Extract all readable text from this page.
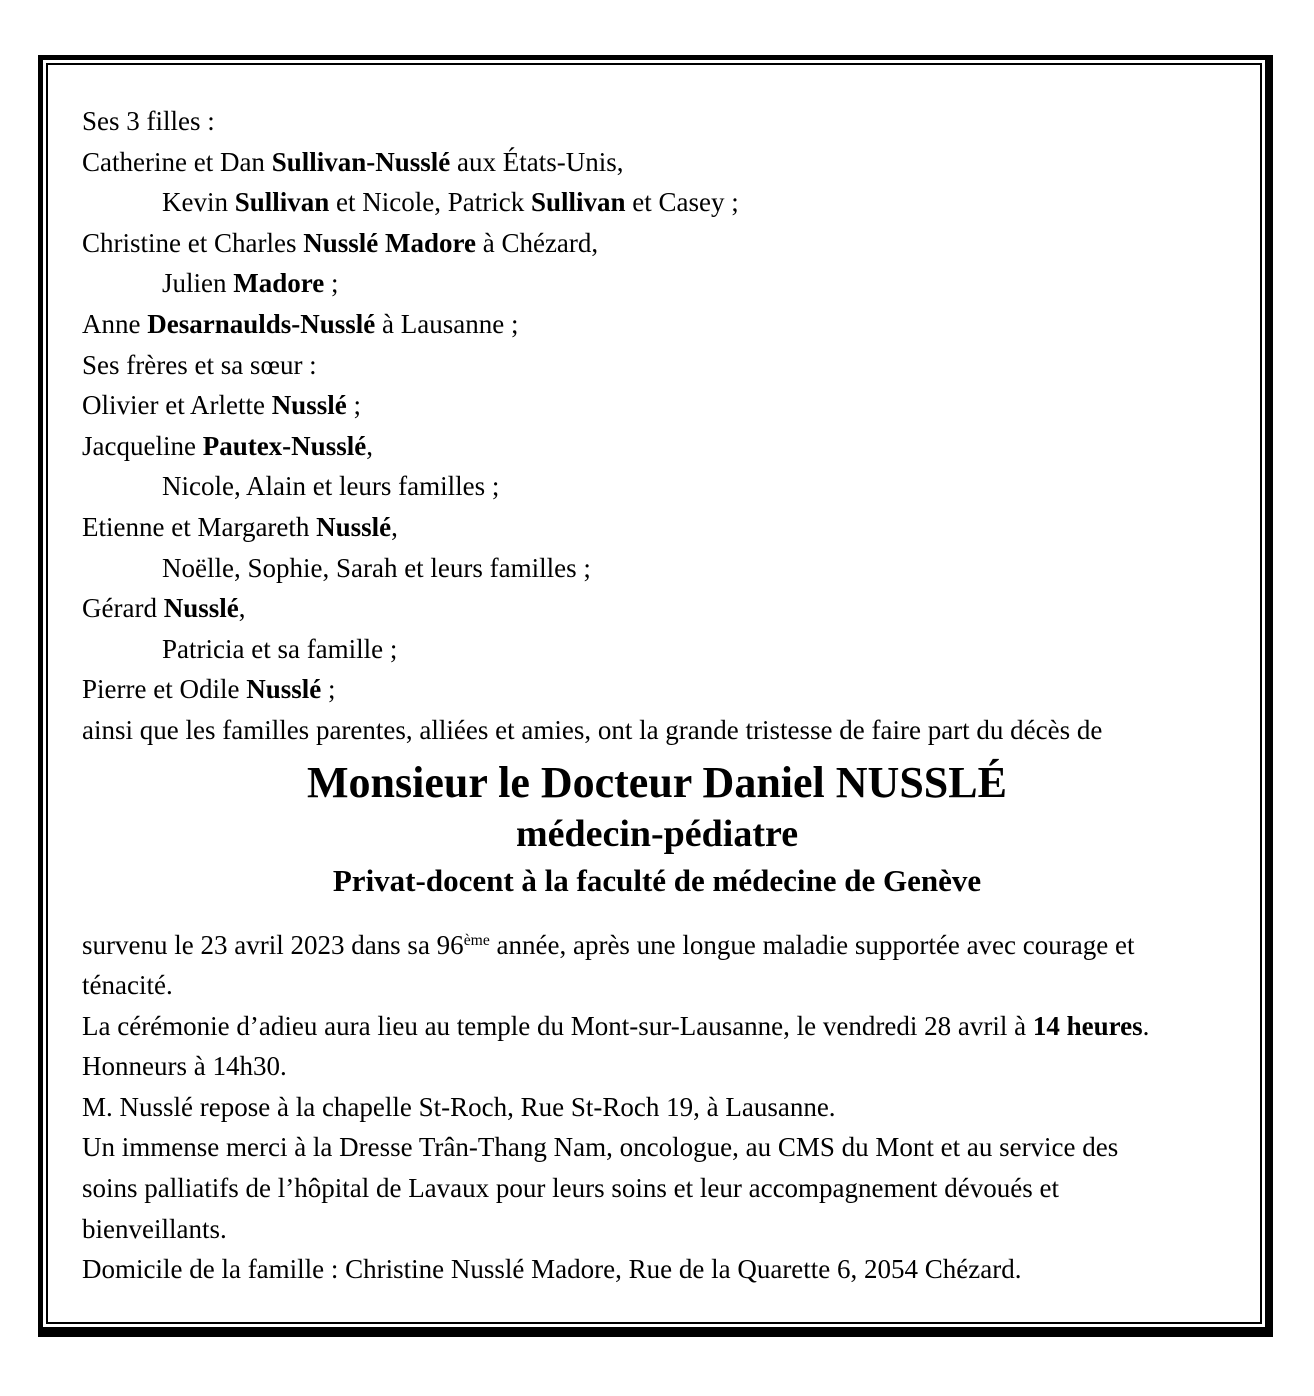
Ses 3 filles :
Catherine et Dan Sullivan-Nusslé aux États-Unis,
Kevin Sullivan et Nicole, Patrick Sullivan et Casey ;
Christine et Charles Nusslé Madore à Chézard,
Julien Madore ;
Anne Desarnaulds-Nusslé à Lausanne ;
Ses frères et sa sœur :
Olivier et Arlette Nusslé ;
Jacqueline Pautex-Nusslé,
Nicole, Alain et leurs familles ;
Etienne et Margareth Nusslé,
Noëlle, Sophie, Sarah et leurs familles ;
Gérard Nusslé,
Patricia et sa famille ;
Pierre et Odile Nusslé ;
ainsi que les familles parentes, alliées et amies, ont la grande tristesse de faire part du décès de
Monsieur le Docteur Daniel NUSSLÉ
médecin-pédiatre
Privat-docent à la faculté de médecine de Genève
survenu le 23 avril 2023 dans sa 96ème année, après une longue maladie supportée avec courage et
ténacité.
La cérémonie d’adieu aura lieu au temple du Mont-sur-Lausanne, le vendredi 28 avril à 14 heures.
Honneurs à 14h30.
M. Nusslé repose à la chapelle St-Roch, Rue St-Roch 19, à Lausanne.
Un immense merci à la Dresse Trân-Thang Nam, oncologue, au CMS du Mont et au service des
soins palliatifs de l’hôpital de Lavaux pour leurs soins et leur accompagnement dévoués et
bienveillants.
Domicile de la famille : Christine Nusslé Madore, Rue de la Quarette 6, 2054 Chézard.
